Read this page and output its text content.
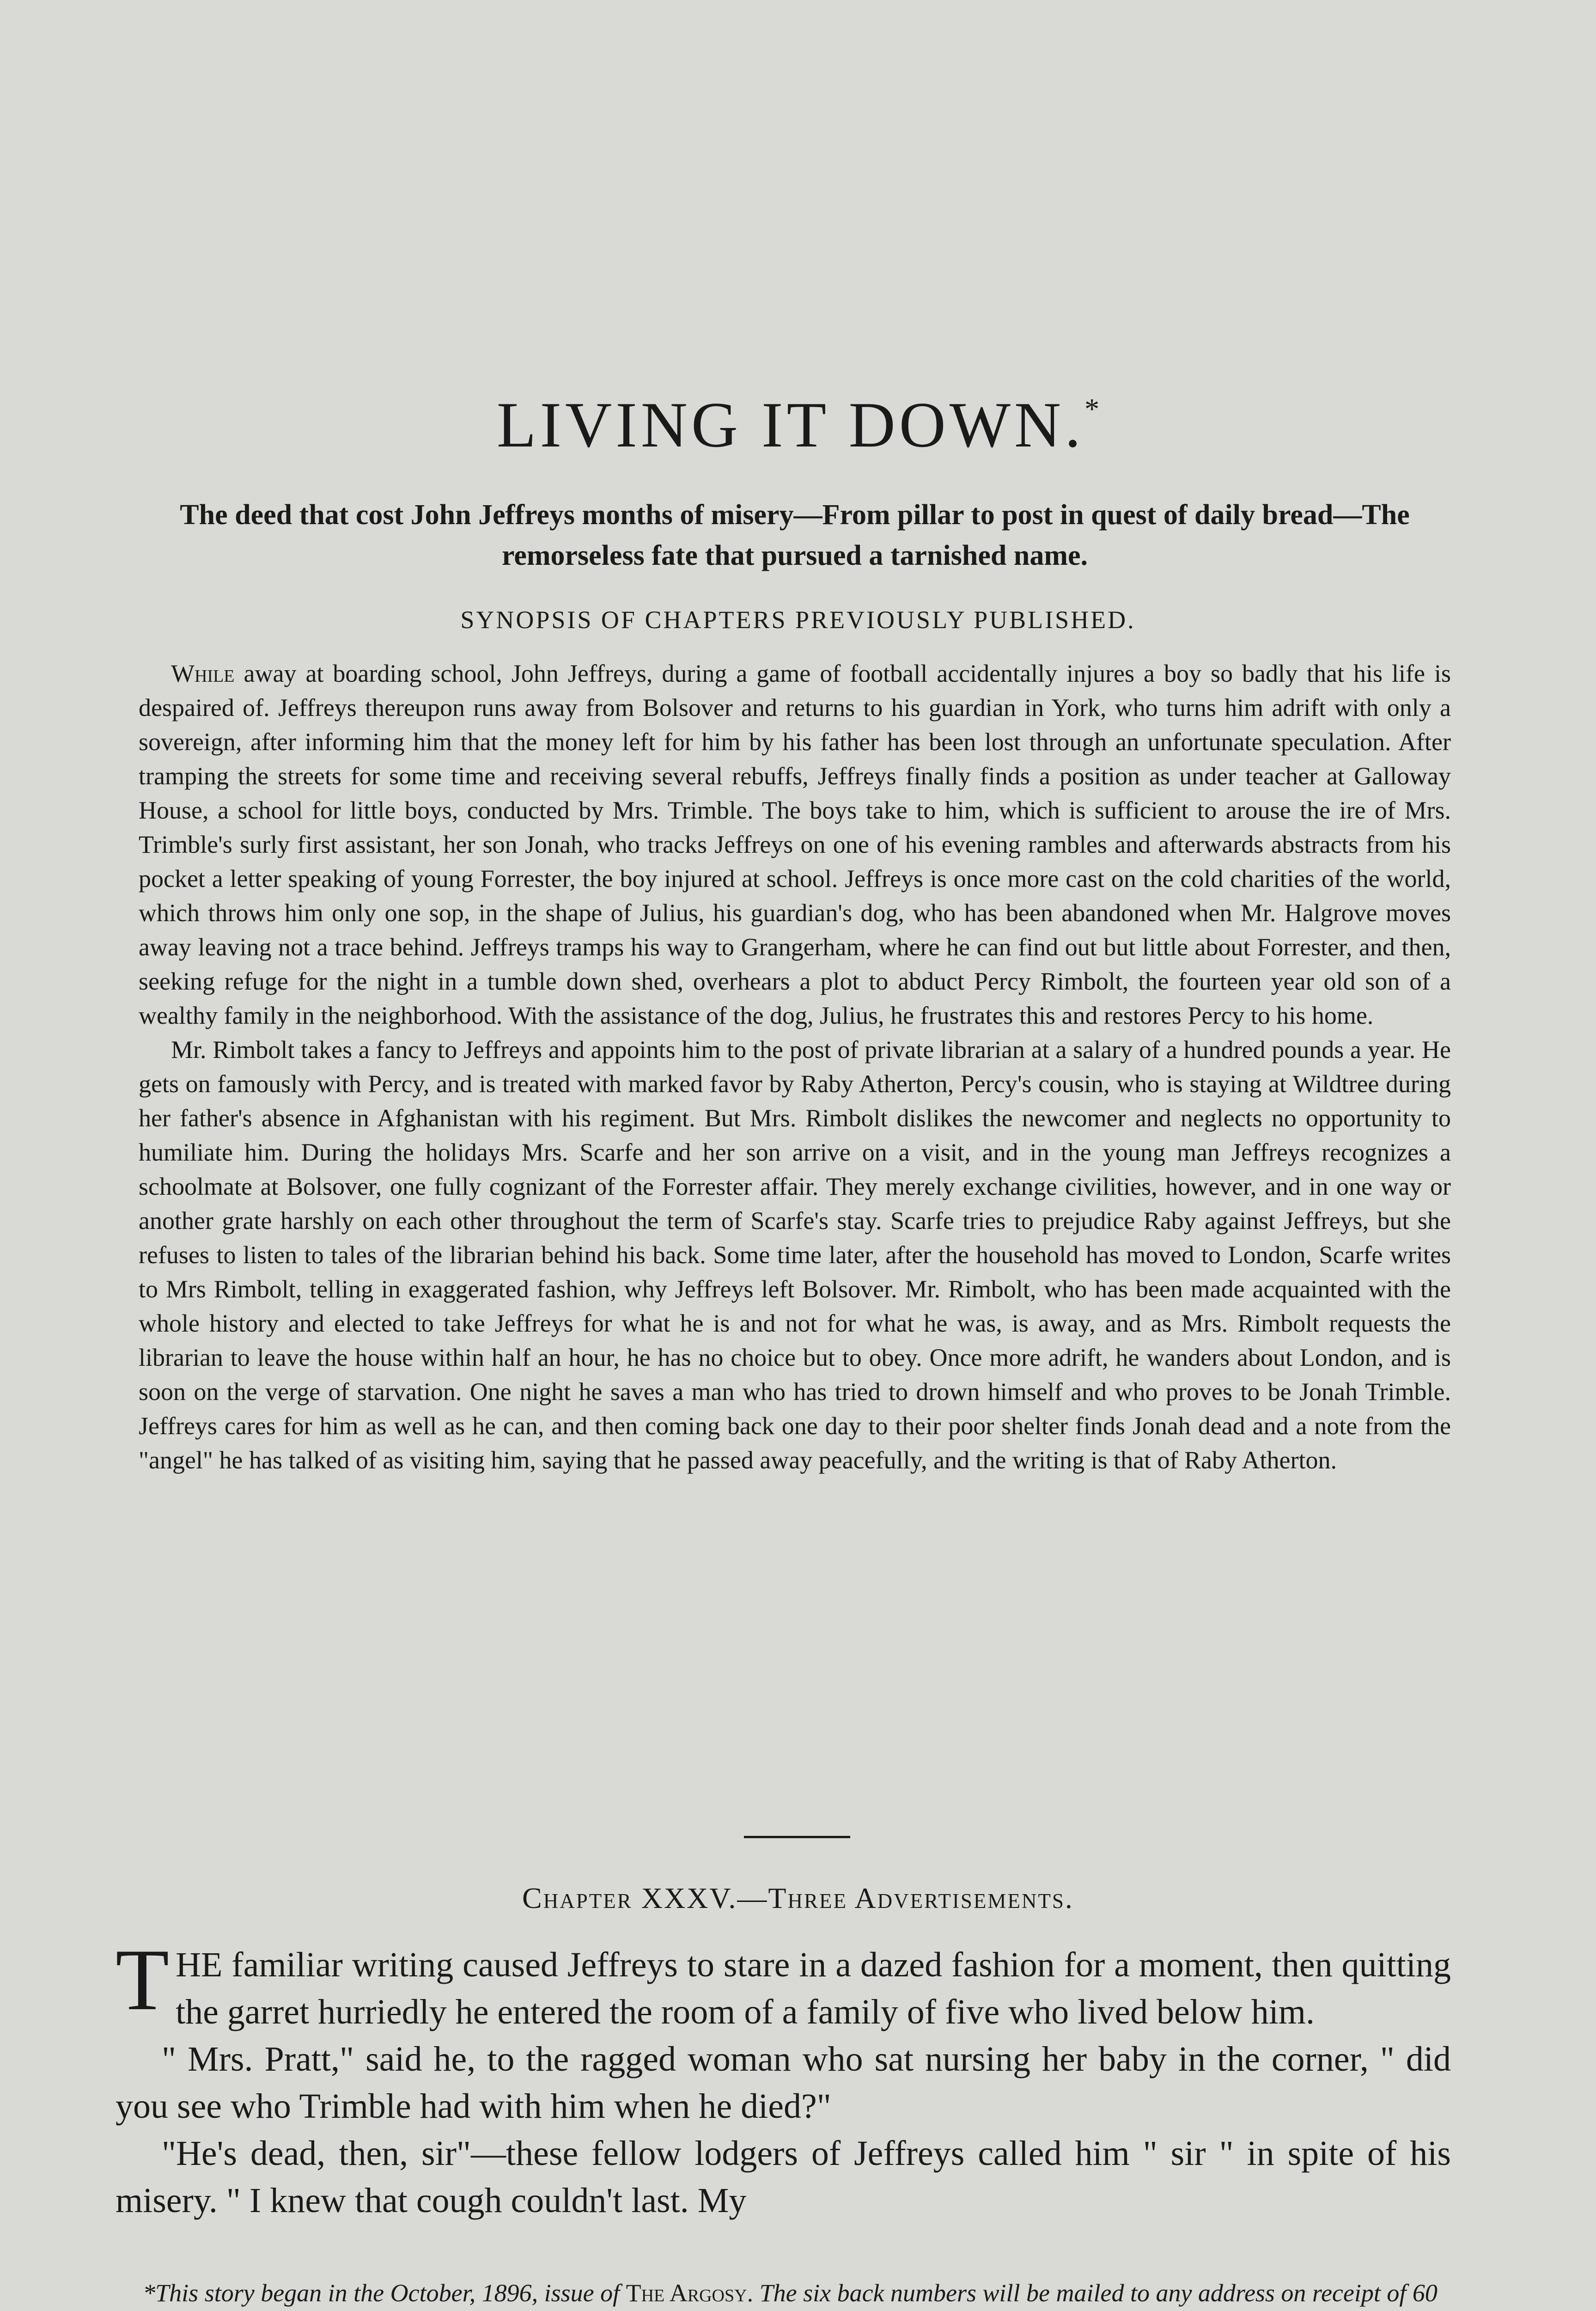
LIVING IT DOWN.*
The deed that cost John Jeffreys months of misery—From pillar to post in quest of daily bread—The remorseless fate that pursued a tarnished name.
SYNOPSIS OF CHAPTERS PREVIOUSLY PUBLISHED.

While away at boarding school, John Jeffreys, during a game of football accidentally injures a boy so badly that his life is despaired of. Jeffreys thereupon runs away from Bolsover and returns to his guardian in York, who turns him adrift with only a sovereign, after informing him that the money left for him by his father has been lost through an unfortunate speculation. After tramping the streets for some time and receiving several rebuffs, Jeffreys finally finds a position as under teacher at Galloway House, a school for little boys, conducted by Mrs. Trimble. The boys take to him, which is sufficient to arouse the ire of Mrs. Trimble's surly first assistant, her son Jonah, who tracks Jeffreys on one of his evening rambles and afterwards abstracts from his pocket a letter speaking of young Forrester, the boy injured at school. Jeffreys is once more cast on the cold charities of the world, which throws him only one sop, in the shape of Julius, his guardian's dog, who has been abandoned when Mr. Halgrove moves away leaving not a trace behind. Jeffreys tramps his way to Grangerham, where he can find out but little about Forrester, and then, seeking refuge for the night in a tumble down shed, overhears a plot to abduct Percy Rimbolt, the fourteen year old son of a wealthy family in the neighborhood. With the assistance of the dog, Julius, he frustrates this and restores Percy to his home.

Mr. Rimbolt takes a fancy to Jeffreys and appoints him to the post of private librarian at a salary of a hundred pounds a year. He gets on famously with Percy, and is treated with marked favor by Raby Atherton, Percy's cousin, who is staying at Wildtree during her father's absence in Afghanistan with his regiment. But Mrs. Rimbolt dislikes the newcomer and neglects no opportunity to humiliate him. During the holidays Mrs. Scarfe and her son arrive on a visit, and in the young man Jeffreys recognizes a schoolmate at Bolsover, one fully cognizant of the Forrester affair. They merely exchange civilities, however, and in one way or another grate harshly on each other throughout the term of Scarfe's stay. Scarfe tries to prejudice Raby against Jeffreys, but she refuses to listen to tales of the librarian behind his back. Some time later, after the household has moved to London, Scarfe writes to Mrs Rimbolt, telling in exaggerated fashion, why Jeffreys left Bolsover. Mr. Rimbolt, who has been made acquainted with the whole history and elected to take Jeffreys for what he is and not for what he was, is away, and as Mrs. Rimbolt requests the librarian to leave the house within half an hour, he has no choice but to obey. Once more adrift, he wanders about London, and is soon on the verge of starvation. One night he saves a man who has tried to drown himself and who proves to be Jonah Trimble. Jeffreys cares for him as well as he can, and then coming back one day to their poor shelter finds Jonah dead and a note from the "angel" he has talked of as visiting him, saying that he passed away peacefully, and the writing is that of Raby Atherton.

Chapter XXXV.—Three Advertisements.

THE familiar writing caused Jeffreys to stare in a dazed fashion for a moment, then quitting the garret hurriedly he entered the room of a family of five who lived below him.

" Mrs. Pratt," said he, to the ragged woman who sat nursing her baby in the corner, " did you see who Trimble had with him when he died?"

"He's dead, then, sir"—these fellow lodgers of Jeffreys called him " sir " in spite of his misery. " I knew that cough couldn't last. My

*This story began in the October, 1896, issue of The Argosy. The six back numbers will be mailed to any address on receipt of 60
